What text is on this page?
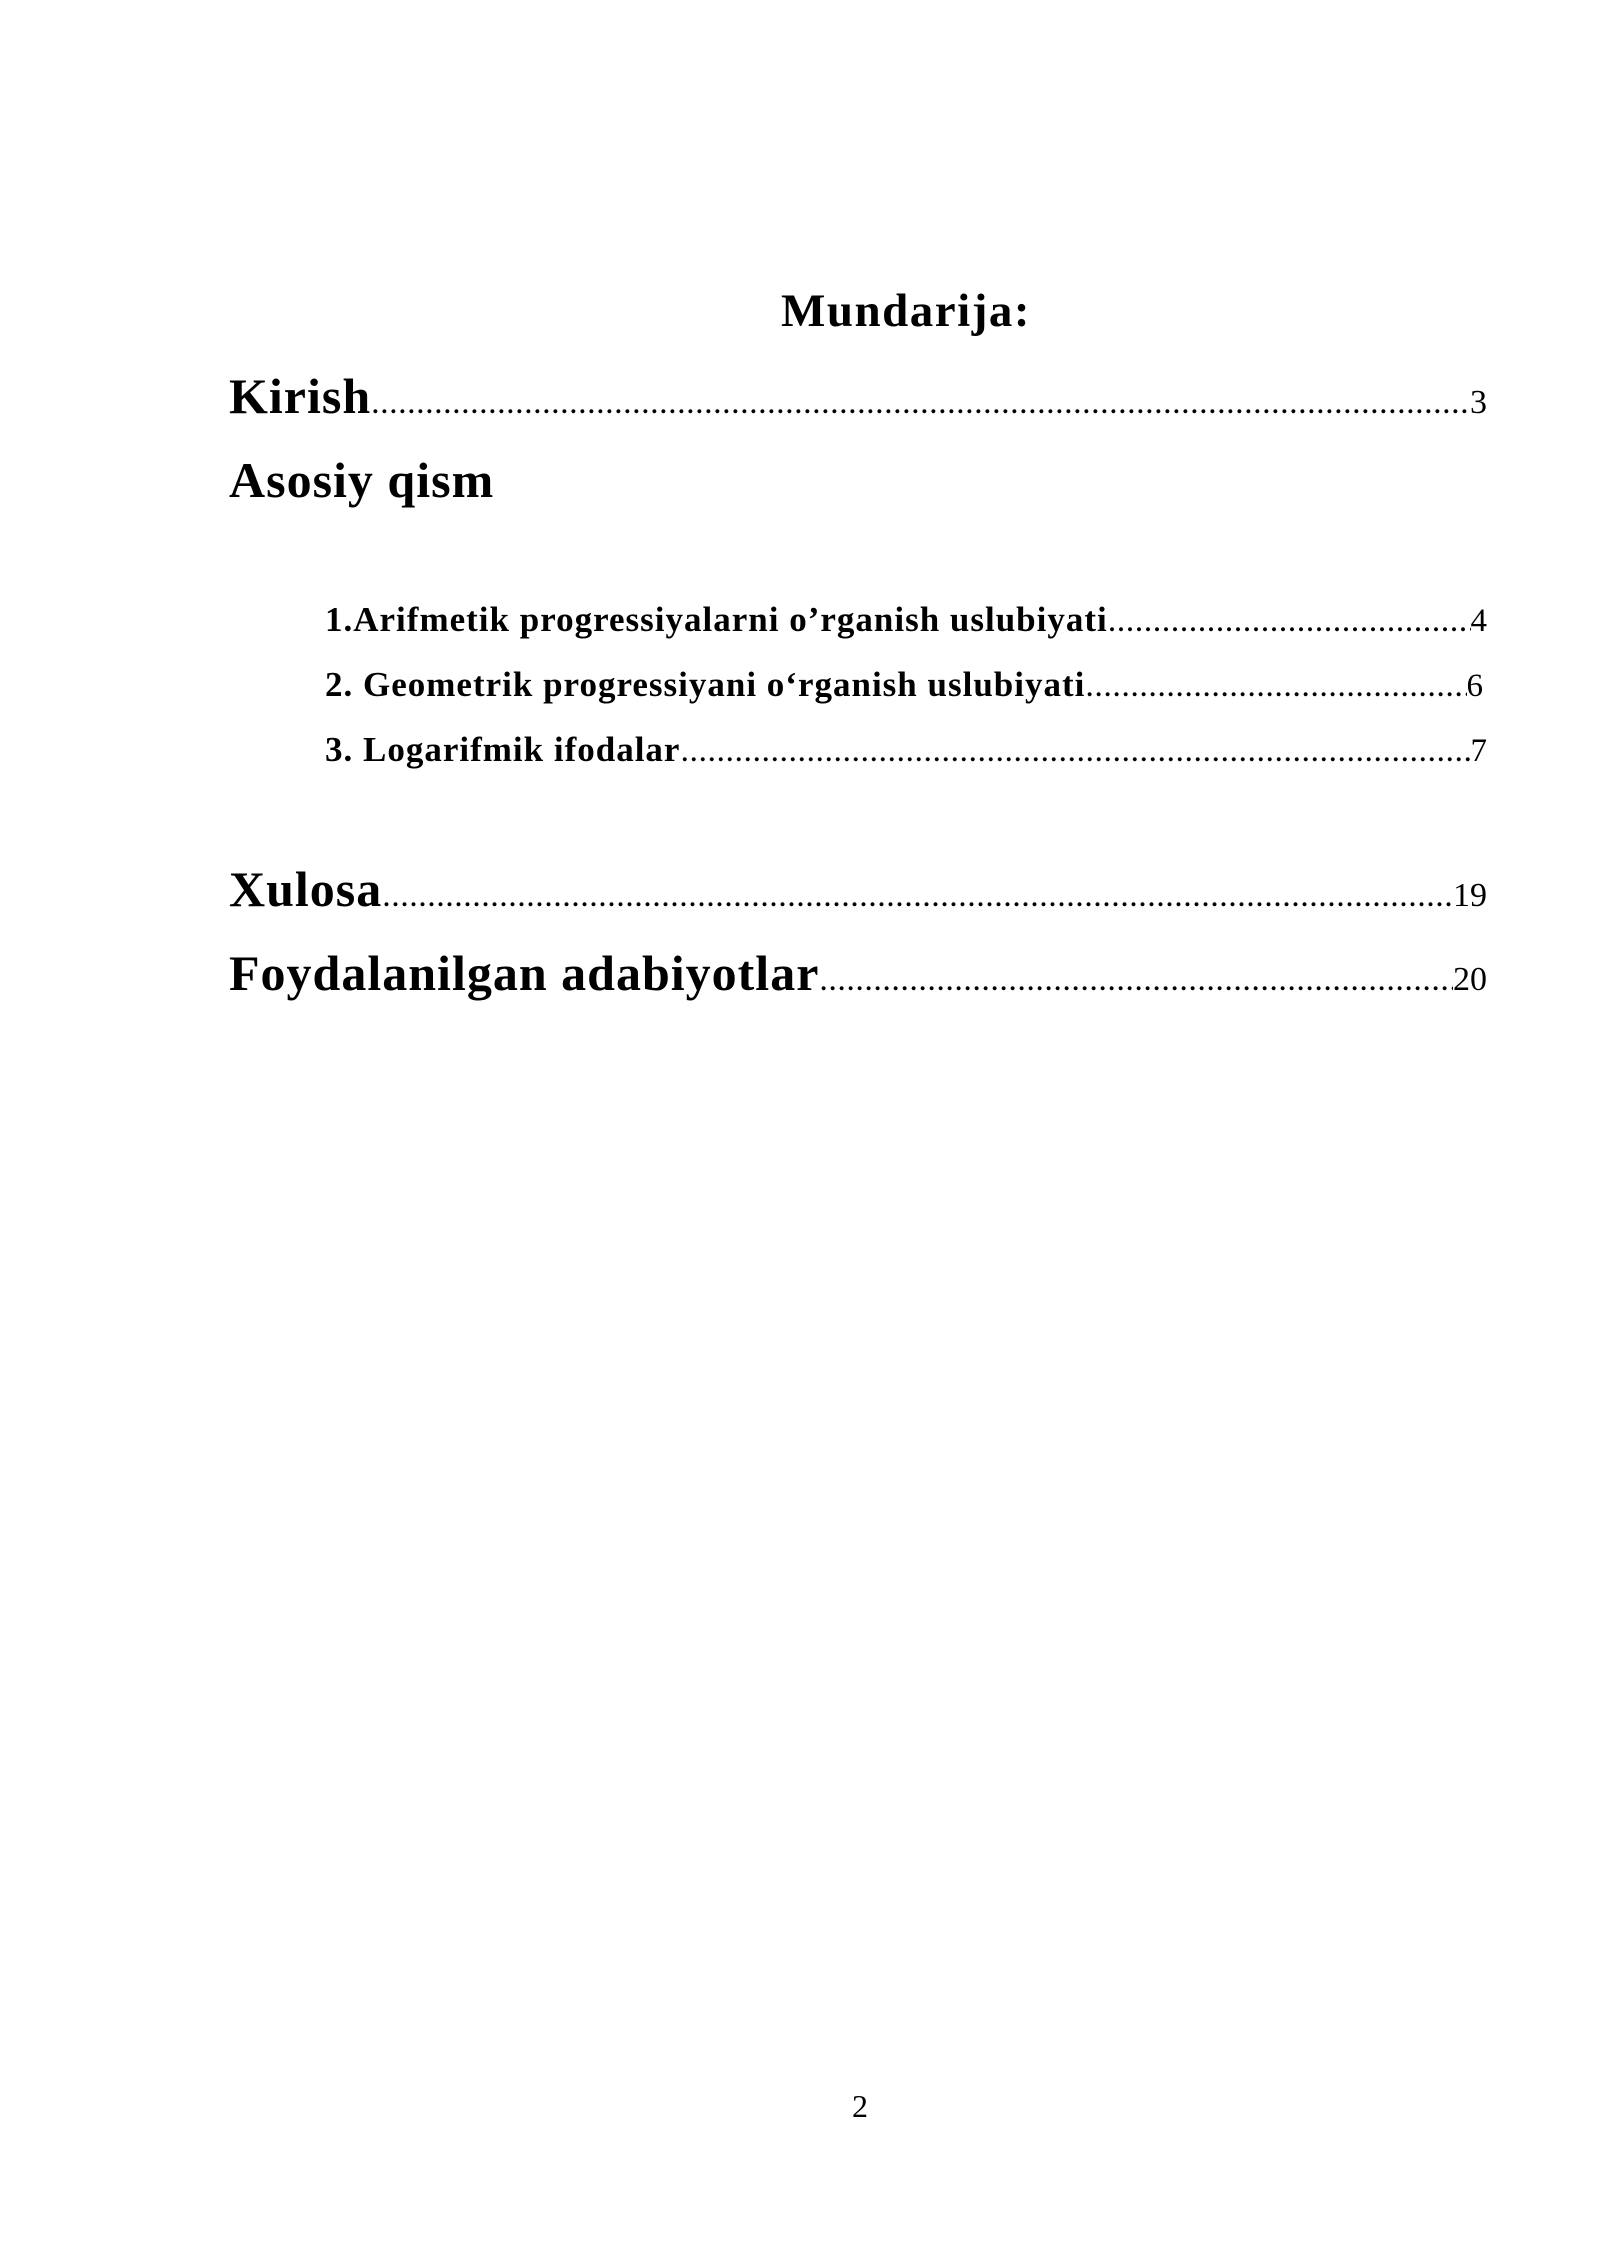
Mundarija:
Kirish .....	3
Asosiy qism
1.Arifmetik progressiyalarni o’rganish uslubiyati .....	4
2. Geometrik progressiyani o‘rganish uslubiyati .....	6
3. Logarifmik ifodalar .....	7
Xulosa .....	19
Foydalanilgan adabiyotlar .....	20
2
